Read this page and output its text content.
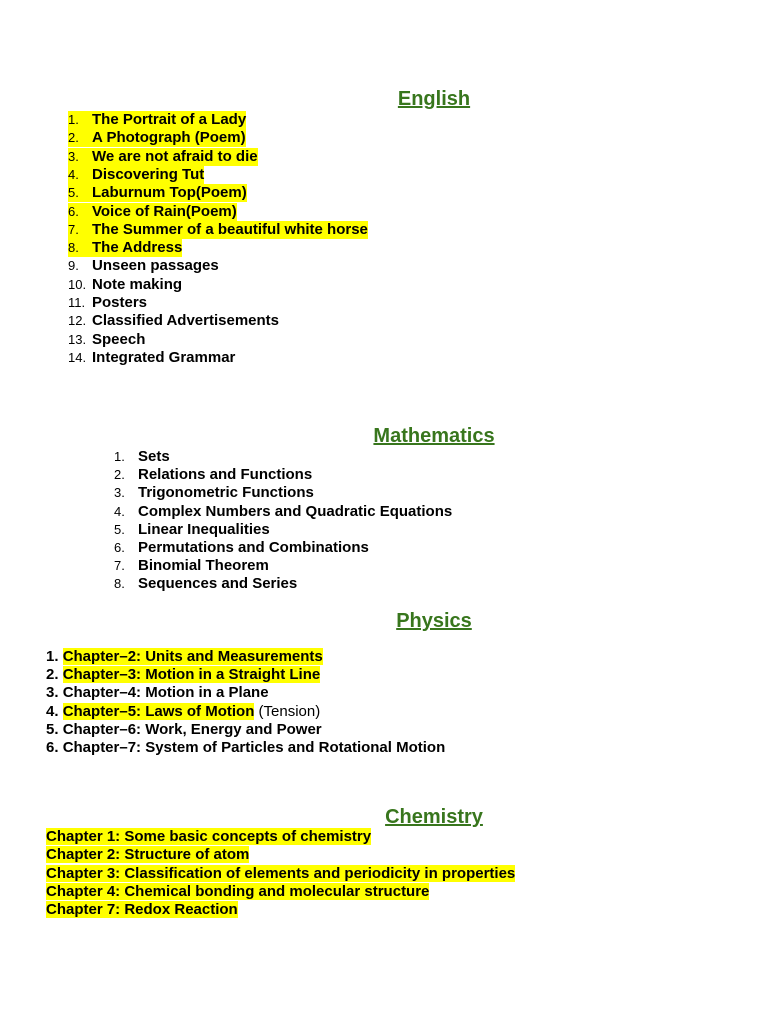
English
1. The Portrait of a Lady
2. A Photograph (Poem)
3. We are not afraid to die
4. Discovering Tut
5. Laburnum Top(Poem)
6. Voice of Rain(Poem)
7. The Summer of a beautiful white horse
8. The Address
9. Unseen passages
10. Note making
11. Posters
12. Classified Advertisements
13. Speech
14. Integrated Grammar
Mathematics
1. Sets
2. Relations and Functions
3. Trigonometric Functions
4. Complex Numbers and Quadratic Equations
5. Linear Inequalities
6. Permutations and Combinations
7. Binomial Theorem
8. Sequences and Series
Physics
1. Chapter–2: Units and Measurements
2. Chapter–3: Motion in a Straight Line
3. Chapter–4: Motion in a Plane
4. Chapter–5: Laws of Motion (Tension)
5. Chapter–6: Work, Energy and Power
6. Chapter–7: System of Particles and Rotational Motion
Chemistry
Chapter 1: Some basic concepts of chemistry
Chapter 2: Structure of atom
Chapter 3: Classification of elements and periodicity in properties
Chapter 4: Chemical bonding and molecular structure
Chapter 7: Redox Reaction
